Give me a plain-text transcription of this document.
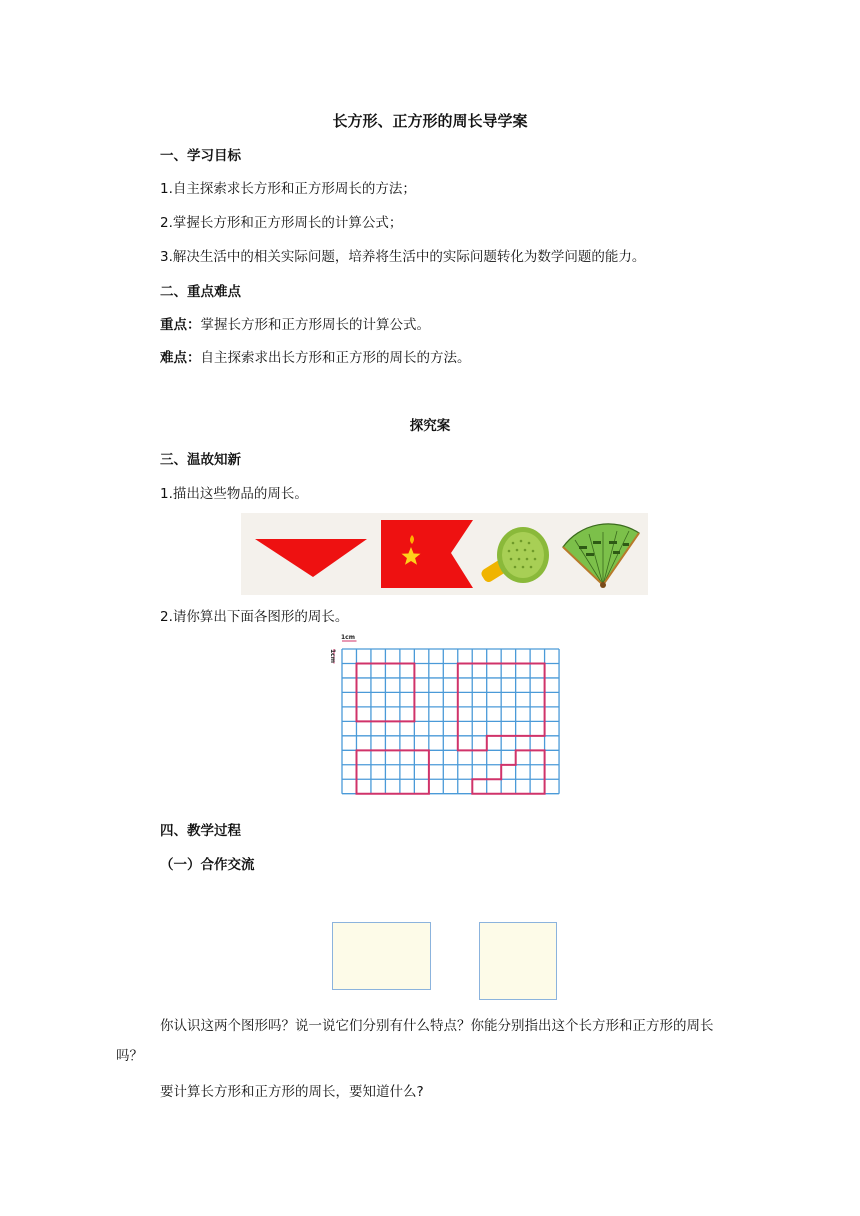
长方形、正方形的周长导学案
一、学习目标
1.自主探索求长方形和正方形周长的方法；
2.掌握长方形和正方形周长的计算公式；
3.解决生活中的相关实际问题，培养将生活中的实际问题转化为数学问题的能力。
二、重点难点
重点：掌握长方形和正方形周长的计算公式。
难点：自主探索求出长方形和正方形的周长的方法。
探究案
三、温故知新
1.描出这些物品的周长。
2.请你算出下面各图形的周长。
1cm
1cm
四、教学过程
（一）合作交流
你认识这两个图形吗？说一说它们分别有什么特点？你能分别指出这个长方形和正方形的周长吗？
要计算长方形和正方形的周长，要知道什么?
